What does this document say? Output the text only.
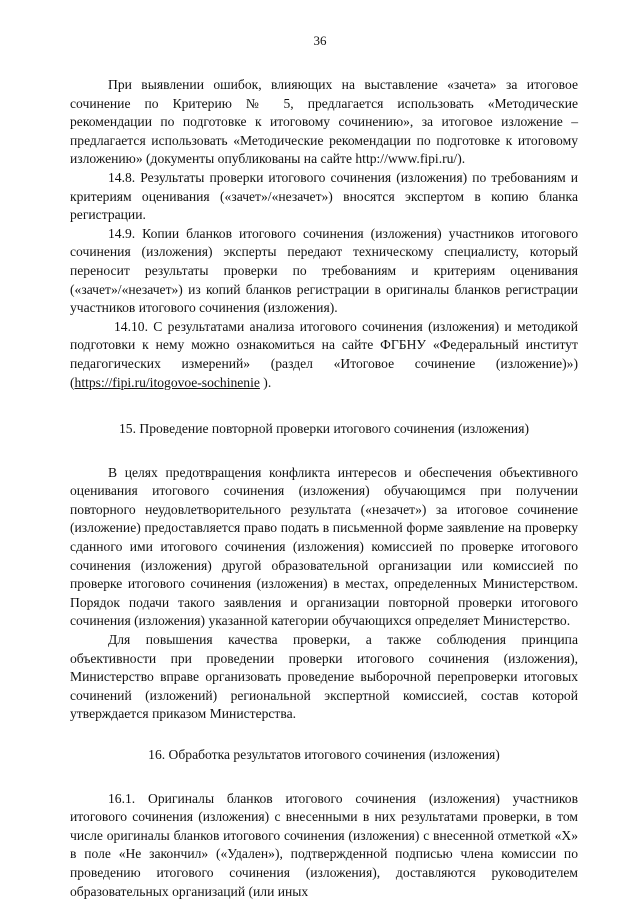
36

При выявлении ошибок, влияющих на выставление «зачета» за итоговое сочинение по Критерию № 5, предлагается использовать «Методические рекомендации по подготовке к итоговому сочинению», за итоговое изложение – предлагается использовать «Методические рекомендации по подготовке к итоговому изложению» (документы опубликованы на сайте http://www.fipi.ru/).

14.8. Результаты проверки итогового сочинения (изложения) по требованиям и критериям оценивания («зачет»/«незачет») вносятся экспертом в копию бланка регистрации.

14.9. Копии бланков итогового сочинения (изложения) участников итогового сочинения (изложения) эксперты передают техническому специалисту, который переносит результаты проверки по требованиям и критериям оценивания («зачет»/«незачет») из копий бланков регистрации в оригиналы бланков регистрации участников итогового сочинения (изложения).

14.10. С результатами анализа итогового сочинения (изложения) и методикой подготовки к нему можно ознакомиться на сайте ФГБНУ «Федеральный институт педагогических измерений» (раздел «Итоговое сочинение (изложение)») (https://fipi.ru/itogovoe-sochinenie ).

15. Проведение повторной проверки итогового сочинения (изложения)

В целях предотвращения конфликта интересов и обеспечения объективного оценивания итогового сочинения (изложения) обучающимся при получении повторного неудовлетворительного результата («незачет») за итоговое сочинение (изложение) предоставляется право подать в письменной форме заявление на проверку сданного ими итогового сочинения (изложения) комиссией по проверке итогового сочинения (изложения) другой образовательной организации или комиссией по проверке итогового сочинения (изложения) в местах, определенных Министерством. Порядок подачи такого заявления и организации повторной проверки итогового сочинения (изложения) указанной категории обучающихся определяет Министерство.

Для повышения качества проверки, а также соблюдения принципа объективности при проведении проверки итогового сочинения (изложения), Министерство вправе организовать проведение выборочной перепроверки итоговых сочинений (изложений) региональной экспертной комиссией, состав которой утверждается приказом Министерства.

16. Обработка результатов итогового сочинения (изложения)

16.1. Оригиналы бланков итогового сочинения (изложения) участников итогового сочинения (изложения) с внесенными в них результатами проверки, в том числе оригиналы бланков итогового сочинения (изложения) с внесенной отметкой «X» в поле «Не закончил» («Удален»), подтвержденной подписью члена комиссии по проведению итогового сочинения (изложения), доставляются руководителем образовательных организаций (или иных
